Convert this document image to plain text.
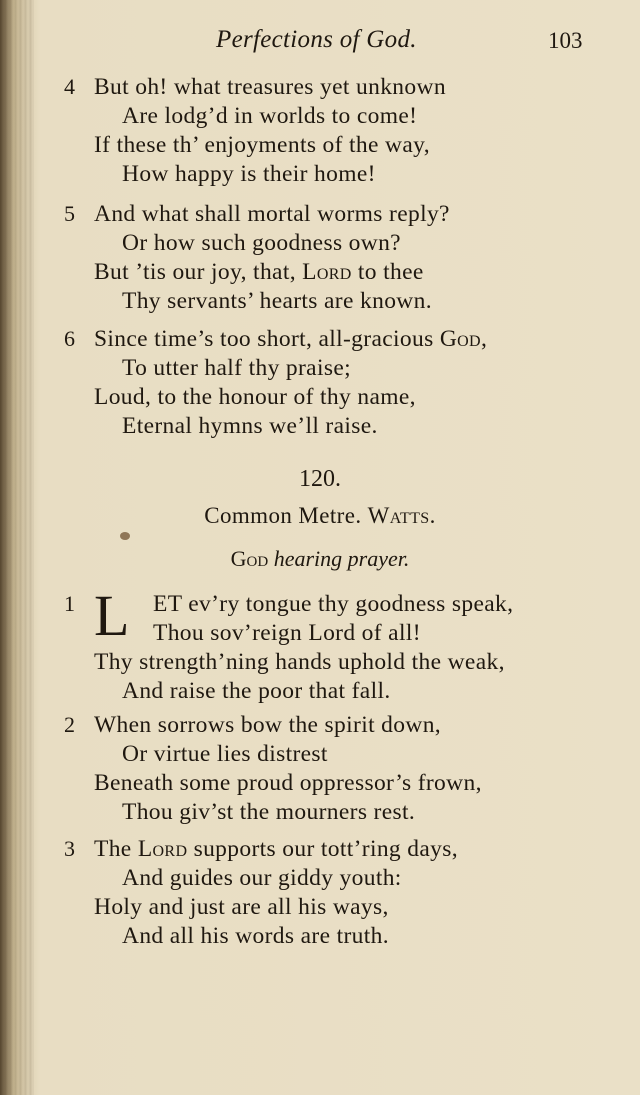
Perfections of God.	103
4 But oh! what treasures yet unknown
Are lodg’d in worlds to come!
If these th’ enjoyments of the way,
How happy is their home!
5 And what shall mortal worms reply?
Or how such goodness own?
But ’tis our joy, that, Lord to thee
Thy servants’ hearts are known.
6 Since time’s too short, all-gracious God,
To utter half thy praise;
Loud, to the honour of thy name,
Eternal hymns we’ll raise.
120.
Common Metre. Watts.
God hearing prayer.
1 L ET ev’ry tongue thy goodness speak,
Thou sov’reign Lord of all!
Thy strength’ning hands uphold the weak,
And raise the poor that fall.
2 When sorrows bow the spirit down,
Or virtue lies distrest
Beneath some proud oppressor’s frown,
Thou giv’st the mourners rest.
3 The Lord supports our tott’ring days,
And guides our giddy youth:
Holy and just are all his ways,
And all his words are truth.
